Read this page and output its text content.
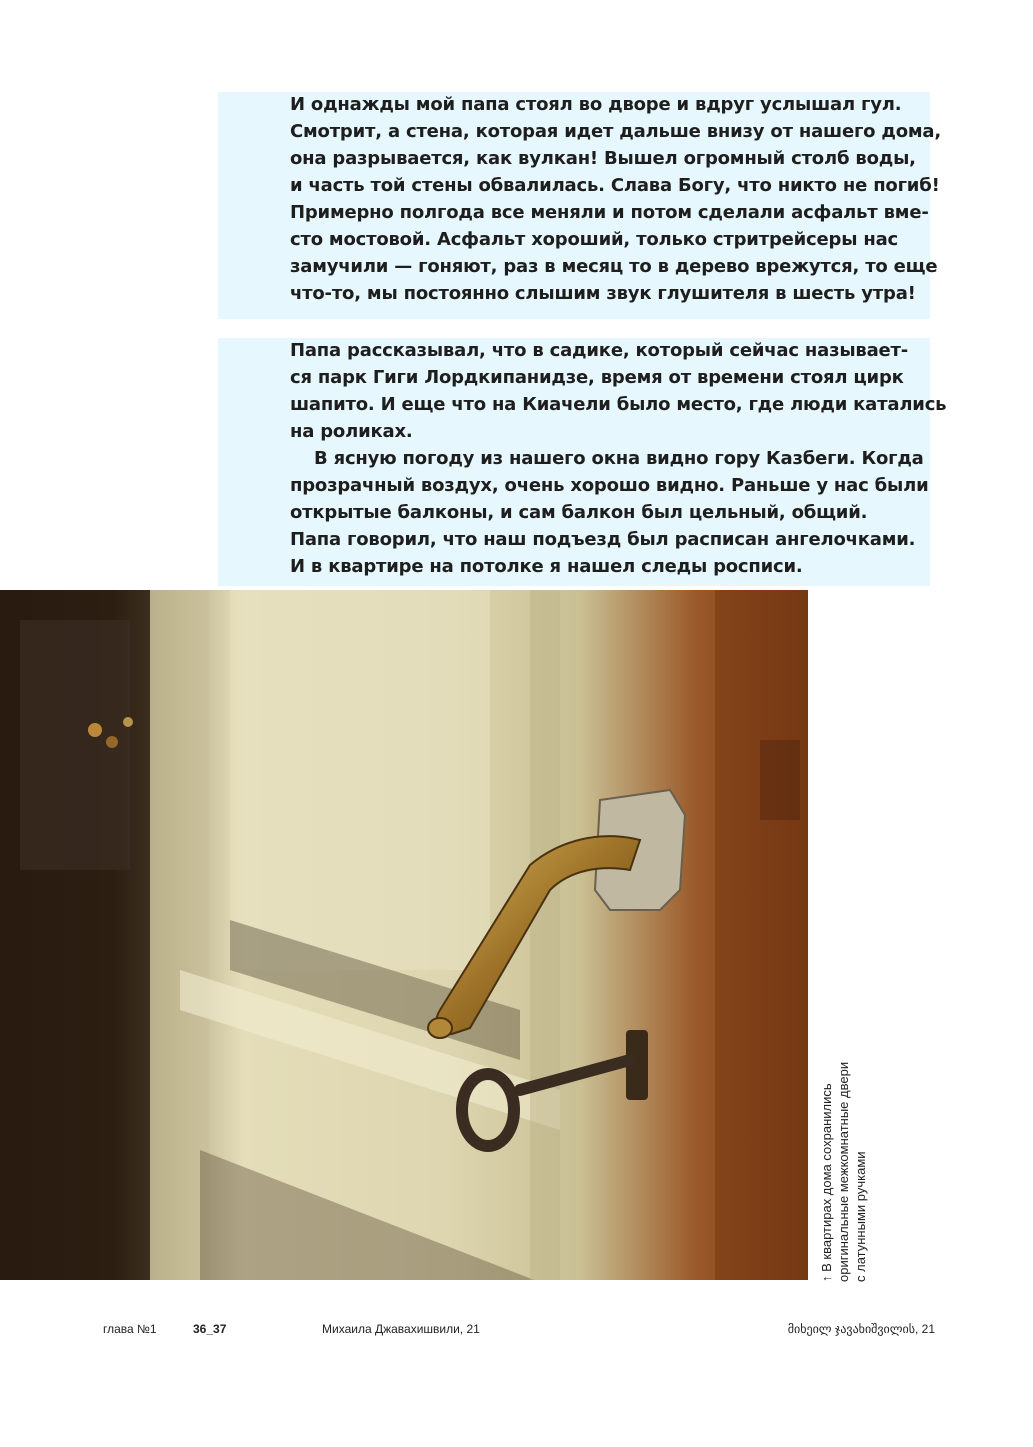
И однажды мой папа стоял во дворе и вдруг услышал гул.
Смотрит, а стена, которая идет дальше внизу от нашего дома,
она разрывается, как вулкан! Вышел огромный столб воды,
и часть той стены обвалилась. Слава Богу, что никто не погиб!
Примерно полгода все меняли и потом сделали асфальт вме-
сто мостовой. Асфальт хороший, только стритрейсеры нас
замучили — гоняют, раз в месяц то в дерево врежутся, то еще
что-то, мы постоянно слышим звук глушителя в шесть утра!

Папа рассказывал, что в садике, который сейчас называет-
ся парк Гиги Лордкипанидзе, время от времени стоял цирк
шапито. И еще что на Киачели было место, где люди катались
на роликах.

В ясную погоду из нашего окна видно гору Казбеги. Когда
прозрачный воздух, очень хорошо видно. Раньше у нас были
открытые балконы, и сам балкон был цельный, общий.
Папа говорил, что наш подъезд был расписан ангелочками.
И в квартире на потолке я нашел следы росписи.

↑ В квартирах дома сохранились оригинальные межкомнатные двери с латунными ручками
глава №1	36_37	Михаила Джавахишвили, 21	მიხეილ ჯავახიშვილის, 21
